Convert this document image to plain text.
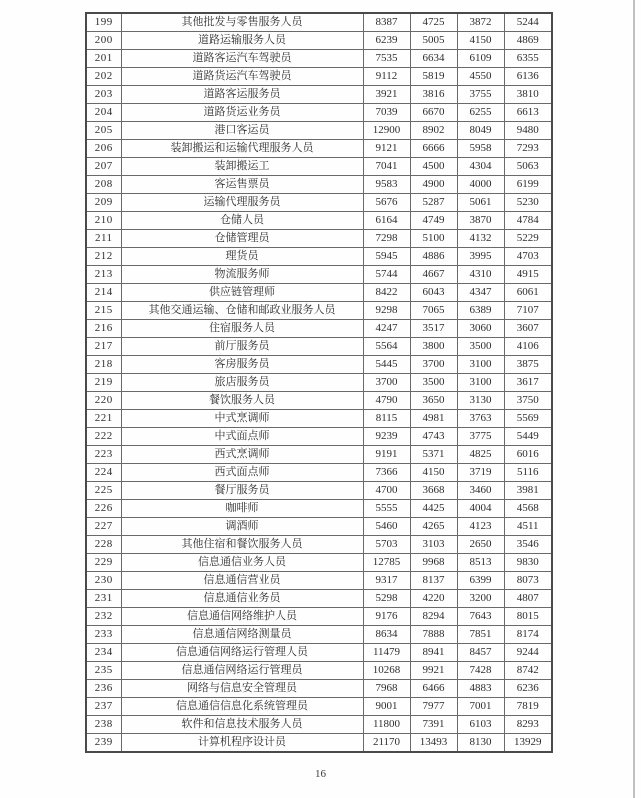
199	其他批发与零售服务人员	8387	4725	3872	5244
200	道路运输服务人员	6239	5005	4150	4869
201	道路客运汽车驾驶员	7535	6634	6109	6355
202	道路货运汽车驾驶员	9112	5819	4550	6136
203	道路客运服务员	3921	3816	3755	3810
204	道路货运业务员	7039	6670	6255	6613
205	港口客运员	12900	8902	8049	9480
206	装卸搬运和运输代理服务人员	9121	6666	5958	7293
207	装卸搬运工	7041	4500	4304	5063
208	客运售票员	9583	4900	4000	6199
209	运输代理服务员	5676	5287	5061	5230
210	仓储人员	6164	4749	3870	4784
211	仓储管理员	7298	5100	4132	5229
212	理货员	5945	4886	3995	4703
213	物流服务师	5744	4667	4310	4915
214	供应链管理师	8422	6043	4347	6061
215	其他交通运输、仓储和邮政业服务人员	9298	7065	6389	7107
216	住宿服务人员	4247	3517	3060	3607
217	前厅服务员	5564	3800	3500	4106
218	客房服务员	5445	3700	3100	3875
219	旅店服务员	3700	3500	3100	3617
220	餐饮服务人员	4790	3650	3130	3750
221	中式烹调师	8115	4981	3763	5569
222	中式面点师	9239	4743	3775	5449
223	西式烹调师	9191	5371	4825	6016
224	西式面点师	7366	4150	3719	5116
225	餐厅服务员	4700	3668	3460	3981
226	咖啡师	5555	4425	4004	4568
227	调酒师	5460	4265	4123	4511
228	其他住宿和餐饮服务人员	5703	3103	2650	3546
229	信息通信业务人员	12785	9968	8513	9830
230	信息通信营业员	9317	8137	6399	8073
231	信息通信业务员	5298	4220	3200	4807
232	信息通信网络维护人员	9176	8294	7643	8015
233	信息通信网络测量员	8634	7888	7851	8174
234	信息通信网络运行管理人员	11479	8941	8457	9244
235	信息通信网络运行管理员	10268	9921	7428	8742
236	网络与信息安全管理员	7968	6466	4883	6236
237	信息通信信息化系统管理员	9001	7977	7001	7819
238	软件和信息技术服务人员	11800	7391	6103	8293
239	计算机程序设计员	21170	13493	8130	13929
16
